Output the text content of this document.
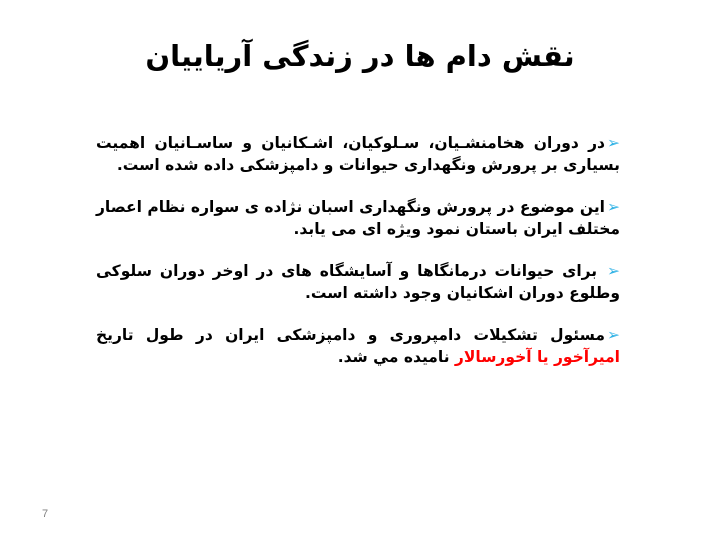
نقش دام ها در زندگی آریاییان

➢در دوران هخامنشـیان، سـلوکیان، اشـکانیان و ساسـانیان اهمیت بسیاری بر پرورش ونگهداری حیوانات و دامپزشکی داده شده است.

➢این موضوع در پرورش ونگهداری اسبان نژاده ی سواره نظام اعصار مختلف ایران باستان نمود ویژه ای می یابد.

➢ برای حیوانات درمانگاها و آسایشگاه های در اوخر دوران سلوکی وطلوع دوران اشکانیان وجود داشته است.

➢مسئول تشکیلات دامپروری و دامپزشکی ایران در طول تاریخ امیرآخور یا آخورسالار نامیده مي شد.

7
